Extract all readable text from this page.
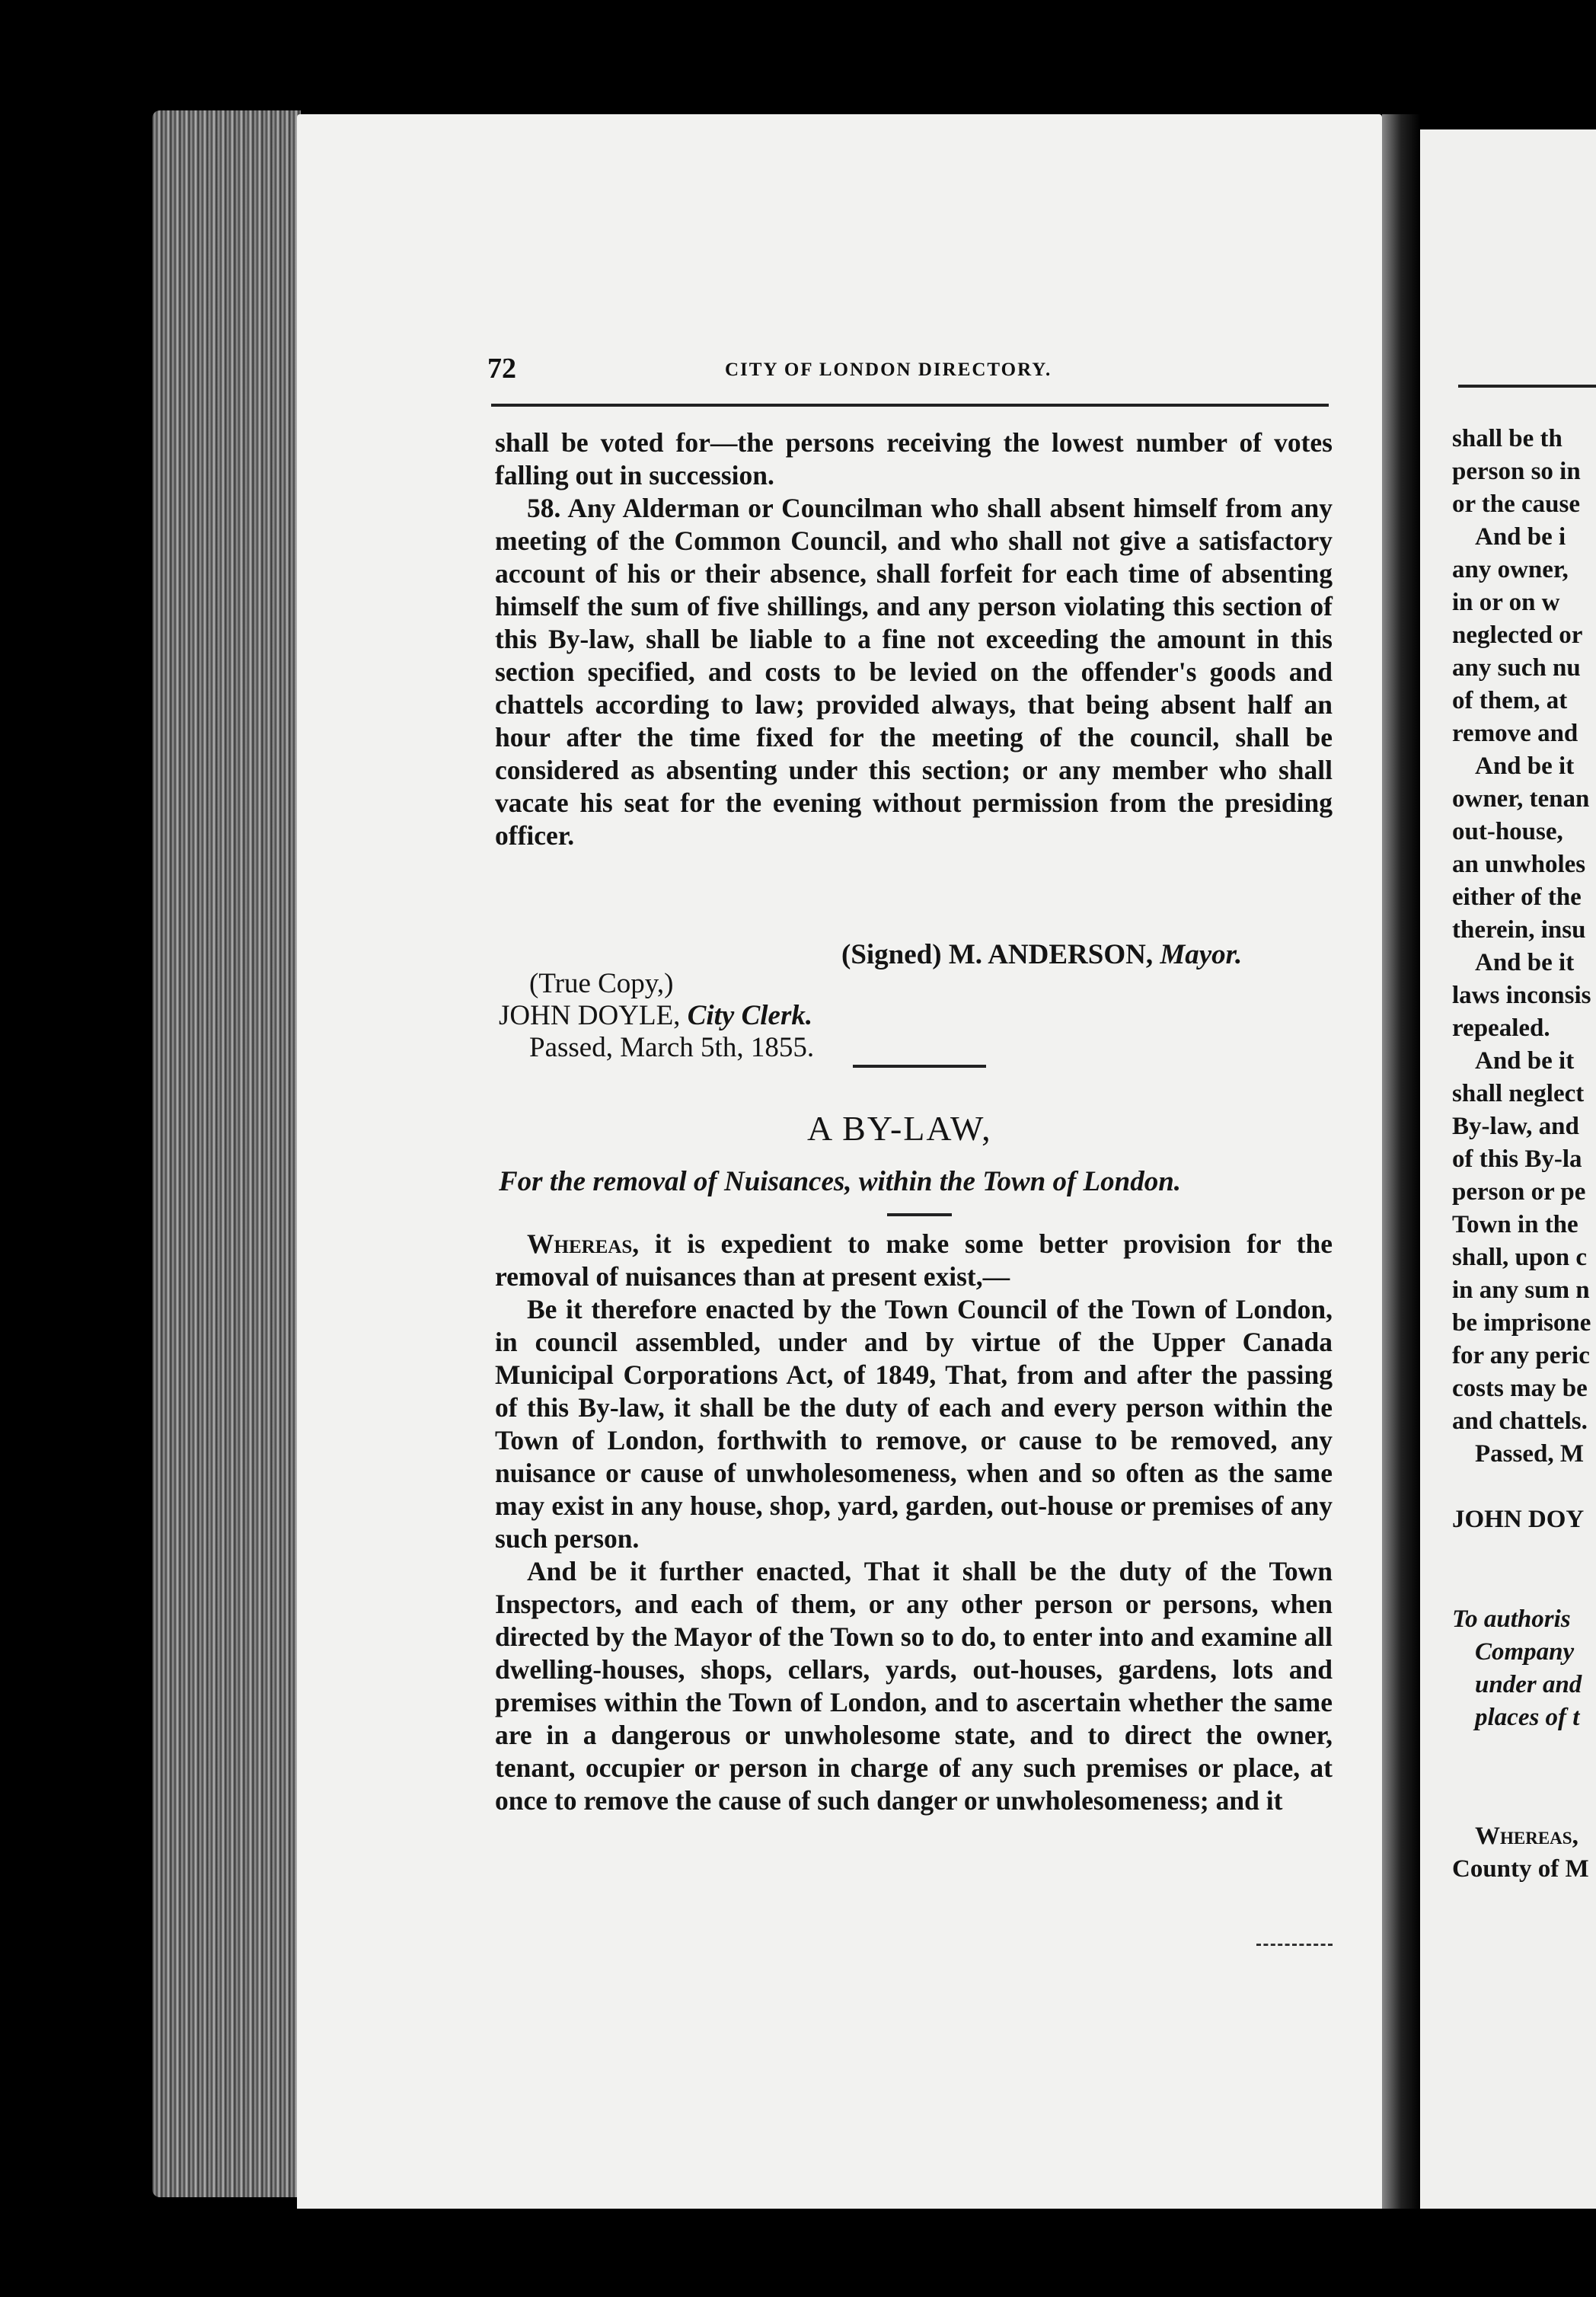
shall be th
person so in
or the cause
And be i
any owner,
in or on w
neglected or
any such nu
of them, at
remove and
And be it
owner, tenan
out-house,
an unwholes
either of the
therein, insu
And be it
laws inconsis
repealed.
And be it
shall neglect
By-law, and
of this By-la
person or pe
Town in the
shall, upon c
in any sum n
be imprisone
for any peric
costs may be
and chattels.
Passed, M
JOHN DOY
To authoris
Company
under and
places of t
Whereas,
County of M
72	CITY OF LONDON DIRECTORY.

shall be voted for—the persons receiving the lowest number of votes falling out in succession.

58. Any Alderman or Councilman who shall absent himself from any meeting of the Common Council, and who shall not give a satisfactory account of his or their absence, shall forfeit for each time of absenting himself the sum of five shillings, and any person violating this section of this By-law, shall be liable to a fine not exceeding the amount in this section specified, and costs to be levied on the offender's goods and chattels according to law; provided always, that being absent half an hour after the time fixed for the meeting of the council, shall be considered as absenting under this section; or any member who shall vacate his seat for the evening without permission from the presiding officer.

(Signed) M. ANDERSON, Mayor.
(True Copy,)
JOHN DOYLE, City Clerk.
Passed, March 5th, 1855.
A BY-LAW,
For the removal of Nuisances, within the Town of London.

Whereas, it is expedient to make some better provision for the removal of nuisances than at present exist,—

Be it therefore enacted by the Town Council of the Town of London, in council assembled, under and by virtue of the Upper Canada Municipal Corporations Act, of 1849, That, from and after the passing of this By-law, it shall be the duty of each and every person within the Town of London, forthwith to remove, or cause to be removed, any nuisance or cause of unwholesomeness, when and so often as the same may exist in any house, shop, yard, garden, out-house or premises of any such person.

And be it further enacted, That it shall be the duty of the Town Inspectors, and each of them, or any other person or persons, when directed by the Mayor of the Town so to do, to enter into and examine all dwelling-houses, shops, cellars, yards, out-houses, gardens, lots and premises within the Town of London, and to ascertain whether the same are in a dangerous or unwholesome state, and to direct the owner, tenant, occupier or person in charge of any such premises or place, at once to remove the cause of such danger or unwholesomeness; and it
